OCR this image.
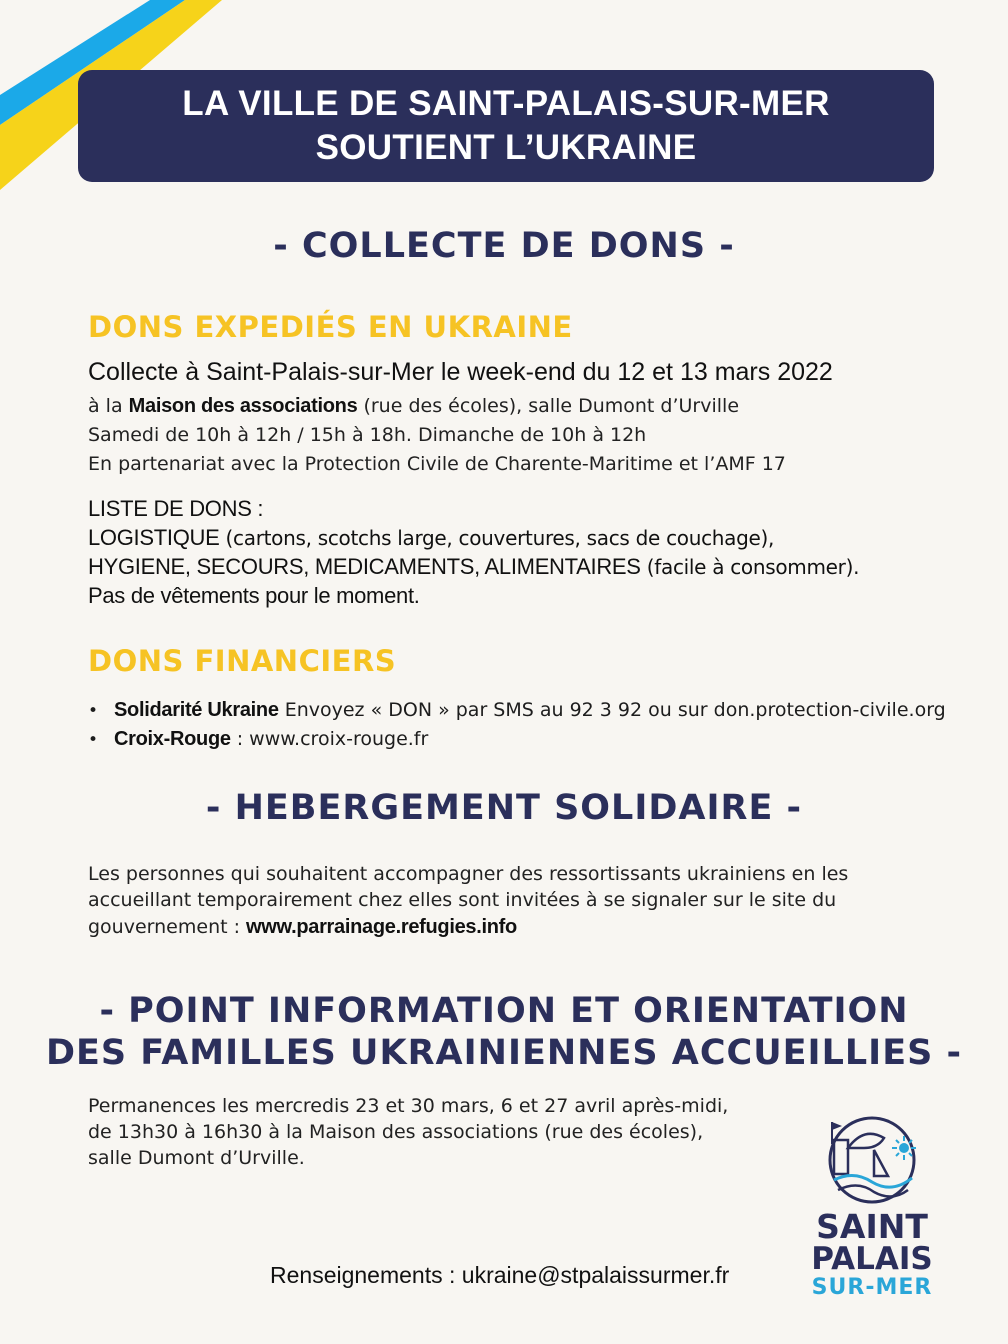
LA VILLE DE SAINT-PALAIS-SUR-MER
SOUTIENT L’UKRAINE
- COLLECTE DE DONS -
DONS EXPEDIÉS EN UKRAINE
Collecte à Saint-Palais-sur-Mer le week-end du 12 et 13 mars 2022
à la Maison des associations (rue des écoles), salle Dumont d’Urville
Samedi de 10h à 12h / 15h à 18h. Dimanche de 10h à 12h
En partenariat avec la Protection Civile de Charente-Maritime et l’AMF 17
LISTE DE DONS :
LOGISTIQUE (cartons, scotchs large, couvertures, sacs de couchage),
HYGIENE, SECOURS, MEDICAMENTS, ALIMENTAIRES (facile à consommer).
Pas de vêtements pour le moment.
DONS FINANCIERS
• Solidarité Ukraine Envoyez « DON » par SMS au 92 3 92 ou sur don.protection-civile.org
• Croix-Rouge : www.croix-rouge.fr
- HEBERGEMENT SOLIDAIRE -
Les personnes qui souhaitent accompagner des ressortissants ukrainiens en les
accueillant temporairement chez elles sont invitées à se signaler sur le site du
gouvernement : www.parrainage.refugies.info
- POINT INFORMATION ET ORIENTATION
DES FAMILLES UKRAINIENNES ACCUEILLIES -
Permanences les mercredis 23 et 30 mars, 6 et 27 avril après-midi,
de 13h30 à 16h30 à la Maison des associations (rue des écoles),
salle Dumont d’Urville.
SAINT
PALAIS
SUR-MER
Renseignements : ukraine@stpalaissurmer.fr
